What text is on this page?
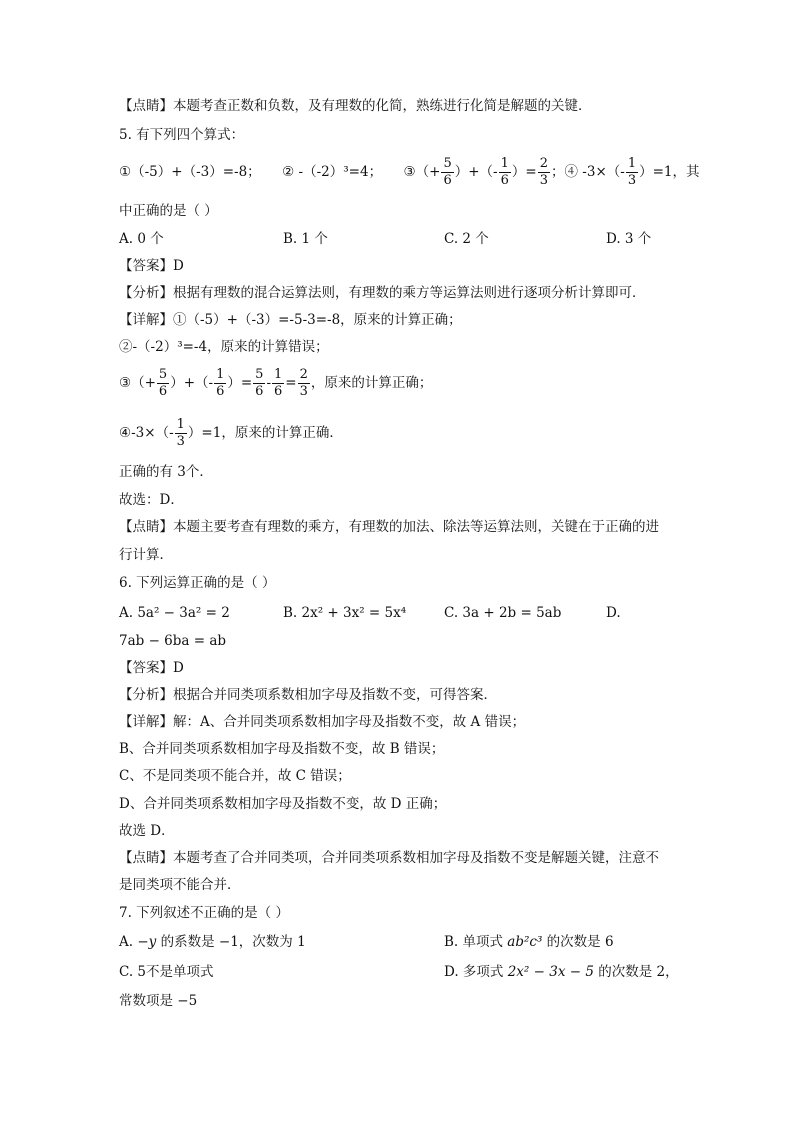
【点睛】本题考查正数和负数，及有理数的化简，熟练进行化简是解题的关键．
5. 有下列四个算式：
①（-5）+（-3）=-8； ② -（-2）³=4； ③（+ $\frac{5}{6}$ ）+（- $\frac{1}{6}$ ）= $\frac{2}{3}$ ；④ $-3\times(- \frac{1}{3} )=1$，其
中正确的是（ ）
A. 0 个	B. 1 个	C. 2 个	D. 3 个
【答案】D
【分析】根据有理数的混合运算法则，有理数的乘方等运算法则进行逐项分析计算即可．
【详解】①（-5）+（-3）=-5-3=-8，原来的计算正确；
②-（-2）³=-4，原来的计算错误；
③（+ $\frac{5}{6}$ ）+（- $\frac{1}{6}$ ）= $\frac{5}{6} - \frac{1}{6} = \frac{2}{3}$ ，原来的计算正确；
④-3×（- $\frac{1}{3} )=1$，原来的计算正确．
正确的有 3个．
故选：D．
【点睛】本题主要考查有理数的乘方，有理数的加法、除法等运算法则，关键在于正确的进
行计算．
6. 下列运算正确的是（ ）
A. 5a² − 3a² = 2	B. 2x² + 3x² = 5x⁴	C. 3a + 2b = 5ab	D.
7ab − 6ba = ab
【答案】D
【分析】根据合并同类项系数相加字母及指数不变，可得答案．
【详解】解：A、合并同类项系数相加字母及指数不变，故 A 错误；
B、合并同类项系数相加字母及指数不变，故 B 错误；
C、不是同类项不能合并，故 C 错误；
D、合并同类项系数相加字母及指数不变，故 D 正确；
故选 D．
【点睛】本题考查了合并同类项，合并同类项系数相加字母及指数不变是解题关键，注意不
是同类项不能合并．
7. 下列叙述不正确的是（ ）
A. −y 的系数是 −1，次数为 1	B. 单项式 ab²c³ 的次数是 6
C. 5不是单项式	D. 多项式 2x² − 3x − 5 的次数是 2，
常数项是 −5
